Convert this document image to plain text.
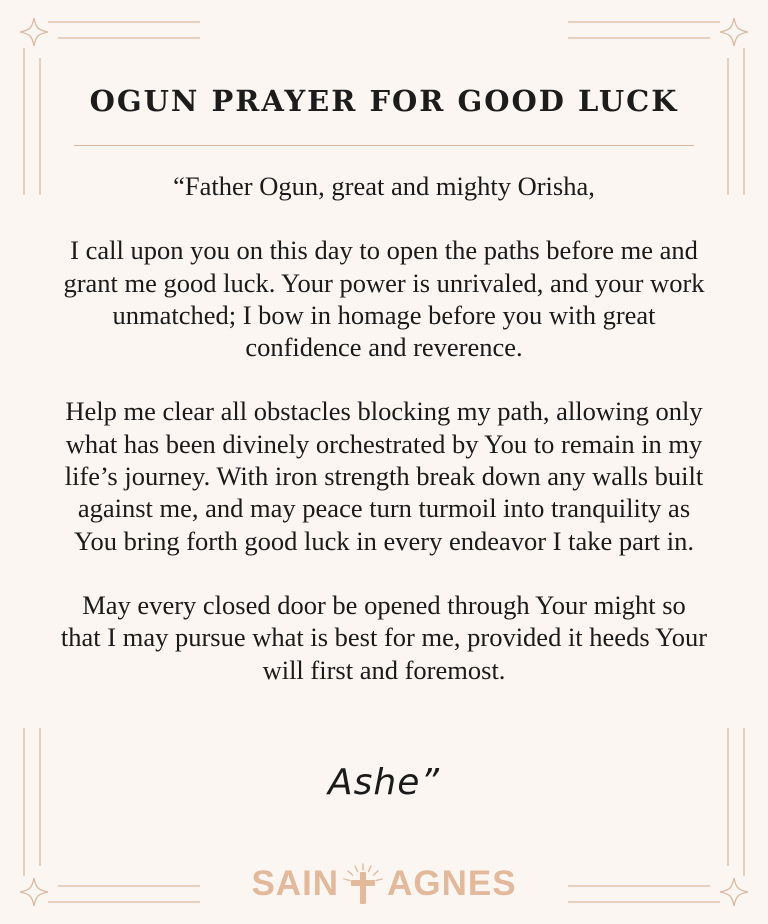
OGUN PRAYER FOR GOOD LUCK

“Father Ogun, great and mighty Orisha,

I call upon you on this day to open the paths before me and grant me good luck. Your power is unrivaled, and your work unmatched; I bow in homage before you with great confidence and reverence.

Help me clear all obstacles blocking my path, allowing only what has been divinely orchestrated by You to remain in my life’s journey. With iron strength break down any walls built against me, and may peace turn turmoil into tranquility as You bring forth good luck in every endeavor I take part in.

May every closed door be opened through Your might so that I may pursue what is best for me, provided it heeds Your will first and foremost.

Ashe”
SAIN AGNES
